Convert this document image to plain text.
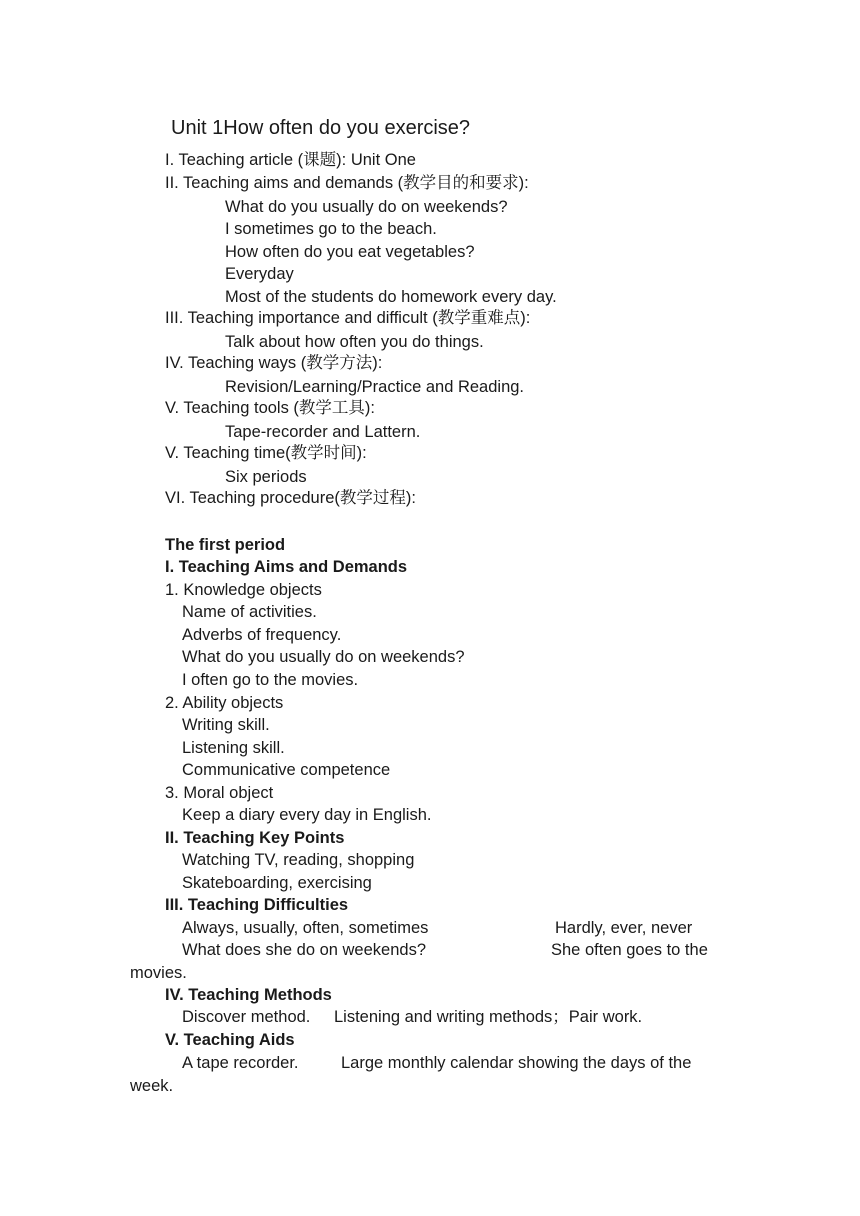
Unit 1How often do you exercise?
I. Teaching article (课题): Unit One
II. Teaching aims and demands (教学目的和要求):
What do you usually do on weekends?
I sometimes go to the beach.
How often do you eat vegetables?
Everyday
Most of the students do homework every day.
III. Teaching importance and difficult (教学重难点):
Talk about how often you do things.
IV. Teaching ways (教学方法):
Revision/Learning/Practice and Reading.
V. Teaching tools (教学工具):
Tape-recorder and Lattern.
V. Teaching time(教学时间):
Six periods
VI. Teaching procedure(教学过程):
The first period
I. Teaching Aims and Demands
1. Knowledge objects
Name of activities.
Adverbs of frequency.
What do you usually do on weekends?
I often go to the movies.
2. Ability objects
Writing skill.
Listening skill.
Communicative competence
3. Moral object
Keep a diary every day in English.
II. Teaching Key Points
Watching TV, reading, shopping
Skateboarding, exercising
III. Teaching Difficulties
Always, usually, often, sometimes	Hardly, ever, never
What does she do on weekends?	She often goes to the
movies.
IV. Teaching Methods
Discover method. Listening and writing methods；Pair work.
V. Teaching Aids
A tape recorder.	Large monthly calendar showing the days of the
week.
